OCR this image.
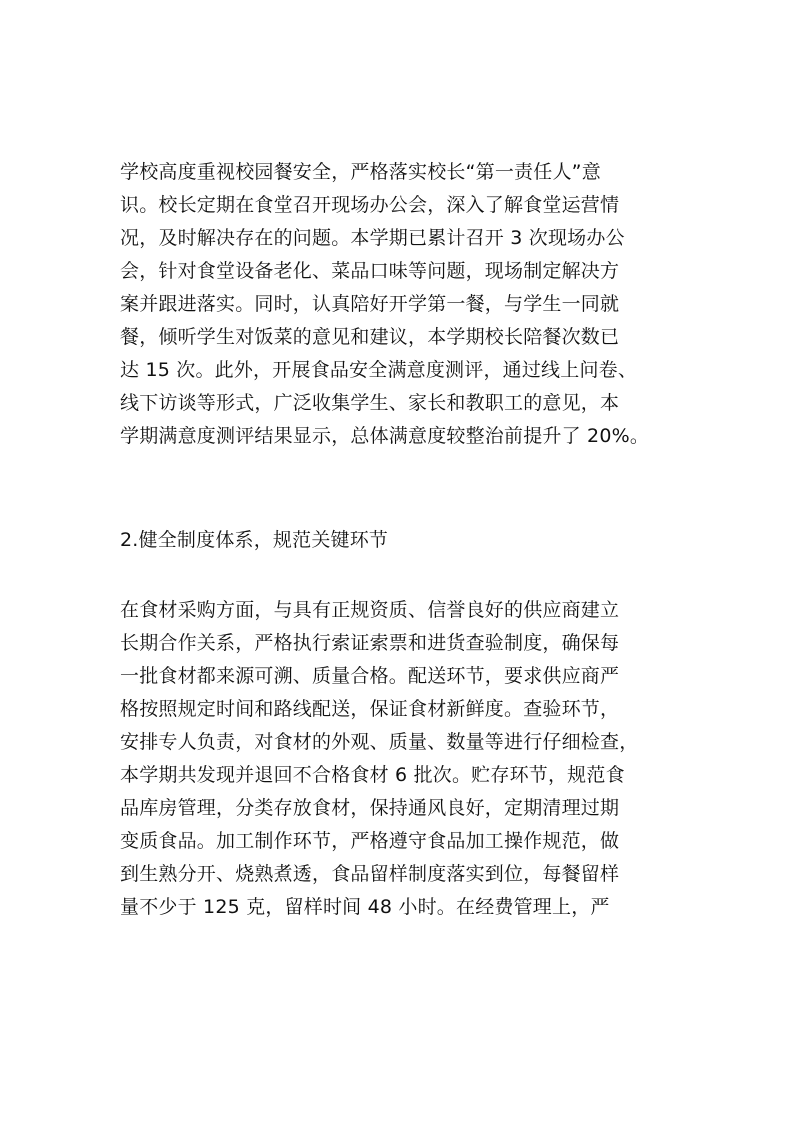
学校高度重视校园餐安全，严格落实校长“第一责任人”意
识。校长定期在食堂召开现场办公会，深入了解食堂运营情
况，及时解决存在的问题。本学期已累计召开 3 次现场办公
会，针对食堂设备老化、菜品口味等问题，现场制定解决方
案并跟进落实。同时，认真陪好开学第一餐，与学生一同就
餐，倾听学生对饭菜的意见和建议，本学期校长陪餐次数已
达 15 次。此外，开展食品安全满意度测评，通过线上问卷、
线下访谈等形式，广泛收集学生、家长和教职工的意见，本
学期满意度测评结果显示，总体满意度较整治前提升了 20%。
2.健全制度体系，规范关键环节
在食材采购方面，与具有正规资质、信誉良好的供应商建立
长期合作关系，严格执行索证索票和进货查验制度，确保每
一批食材都来源可溯、质量合格。配送环节，要求供应商严
格按照规定时间和路线配送，保证食材新鲜度。查验环节，
安排专人负责，对食材的外观、质量、数量等进行仔细检查，
本学期共发现并退回不合格食材 6 批次。贮存环节，规范食
品库房管理，分类存放食材，保持通风良好，定期清理过期
变质食品。加工制作环节，严格遵守食品加工操作规范，做
到生熟分开、烧熟煮透，食品留样制度落实到位，每餐留样
量不少于 125 克，留样时间 48 小时。在经费管理上，严
